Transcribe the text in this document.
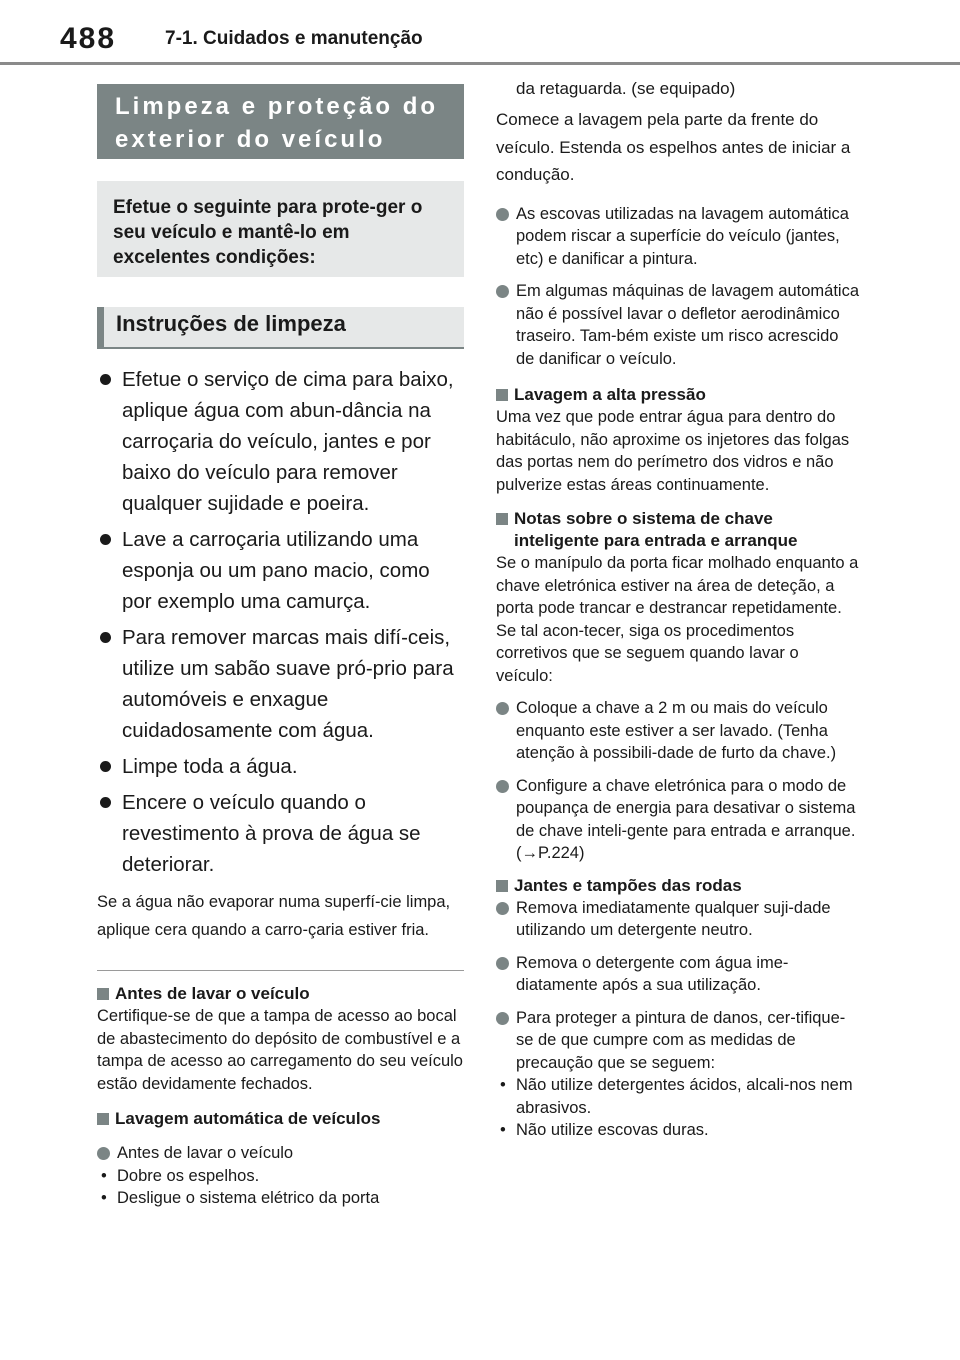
488	7-1. Cuidados e manutenção
Limpeza e proteção do exterior do veículo
Efetue o seguinte para prote-ger o seu veículo e mantê-lo em excelentes condições:
Instruções de limpeza
Efetue o serviço de cima para baixo, aplique água com abun-dância na carroçaria do veículo, jantes e por baixo do veículo para remover qualquer sujidade e poeira.
Lave a carroçaria utilizando uma esponja ou um pano macio, como por exemplo uma camurça.
Para remover marcas mais difí-ceis, utilize um sabão suave pró-prio para automóveis e enxague cuidadosamente com água.
Limpe toda a água.
Encere o veículo quando o revestimento à prova de água se deteriorar.
Se a água não evaporar numa superfí-cie limpa, aplique cera quando a carro-çaria estiver fria.
Antes de lavar o veículo
Certifique-se de que a tampa de acesso ao bocal de abastecimento do depósito de combustível e a tampa de acesso ao carregamento do seu veículo estão devidamente fechados.
Lavagem automática de veículos
Antes de lavar o veículo
• Dobre os espelhos.
• Desligue o sistema elétrico da porta
da retaguarda. (se equipado)
Comece a lavagem pela parte da frente do veículo. Estenda os espelhos antes de iniciar a condução.
As escovas utilizadas na lavagem automática podem riscar a superfície do veículo (jantes, etc) e danificar a pintura.
Em algumas máquinas de lavagem automática não é possível lavar o defletor aerodinâmico traseiro. Tam-bém existe um risco acrescido de danificar o veículo.
Lavagem a alta pressão
Uma vez que pode entrar água para dentro do habitáculo, não aproxime os injetores das folgas das portas nem do perímetro dos vidros e não pulverize estas áreas continuamente.
Notas sobre o sistema de chave inteligente para entrada e arranque
Se o manípulo da porta ficar molhado enquanto a chave eletrónica estiver na área de deteção, a porta pode trancar e destrancar repetidamente. Se tal acon-tecer, siga os procedimentos corretivos que se seguem quando lavar o veículo:
Coloque a chave a 2 m ou mais do veículo enquanto este estiver a ser lavado. (Tenha atenção à possibili-dade de furto da chave.)
Configure a chave eletrónica para o modo de poupança de energia para desativar o sistema de chave inteli-gente para entrada e arranque. (→P.224)
Jantes e tampões das rodas
Remova imediatamente qualquer suji-dade utilizando um detergente neutro.
Remova o detergente com água ime-diatamente após a sua utilização.
Para proteger a pintura de danos, cer-tifique-se de que cumpre com as medidas de precaução que se seguem:
• Não utilize detergentes ácidos, alcali-nos nem abrasivos.
• Não utilize escovas duras.
